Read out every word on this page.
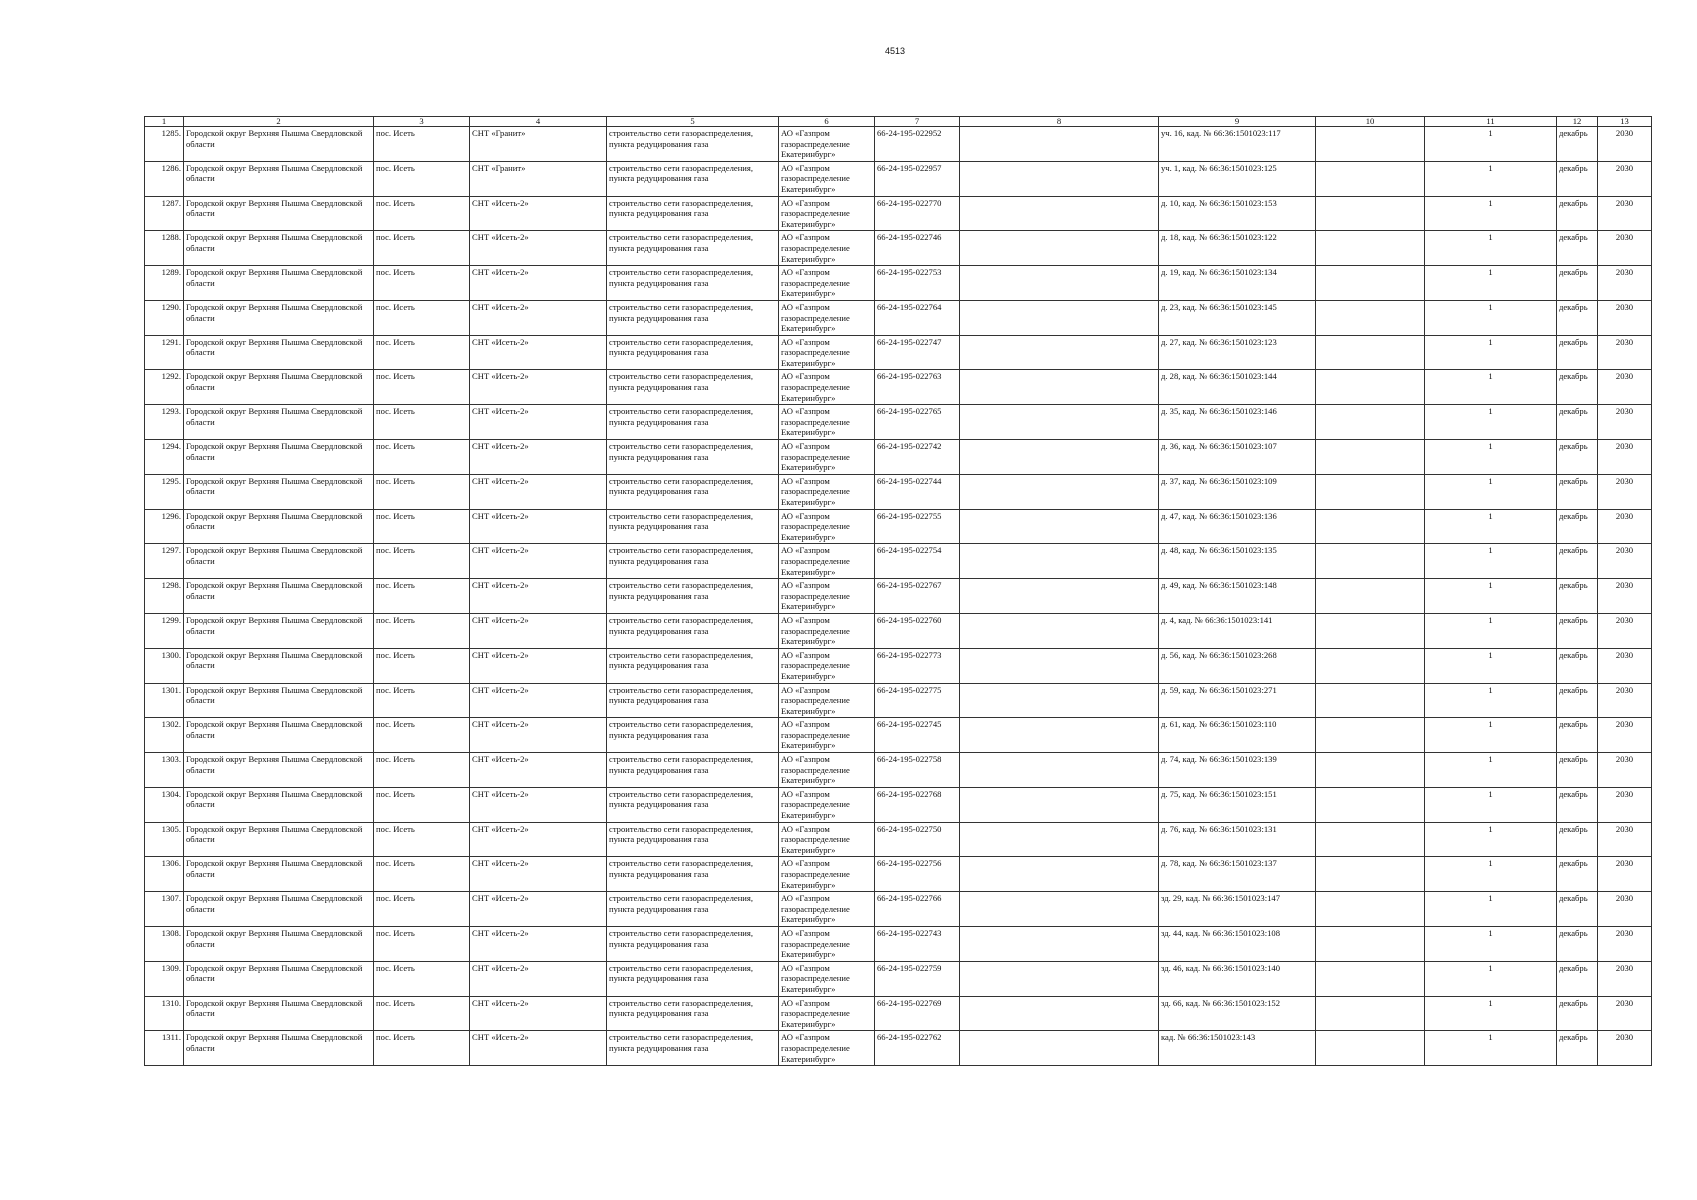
4513
1	2	3	4	5	6	7	8	9	10	11	12	13
1285.	Городской округ Верхняя Пышма Свердловской области	пос. Исеть	СНТ «Гранит»	строительство сети газораспределения, пункта редуцирования газа	АО «Газпром газораспределение Екатеринбург»	66-24-195-022952		уч. 16, кад. № 66:36:1501023:117		1	декабрь	2030
1286.	Городской округ Верхняя Пышма Свердловской области	пос. Исеть	СНТ «Гранит»	строительство сети газораспределения, пункта редуцирования газа	АО «Газпром газораспределение Екатеринбург»	66-24-195-022957		уч. 1, кад. № 66:36:1501023:125		1	декабрь	2030
1287.	Городской округ Верхняя Пышма Свердловской области	пос. Исеть	СНТ «Исеть-2»	строительство сети газораспределения, пункта редуцирования газа	АО «Газпром газораспределение Екатеринбург»	66-24-195-022770		д. 10, кад. № 66:36:1501023:153		1	декабрь	2030
1288.	Городской округ Верхняя Пышма Свердловской области	пос. Исеть	СНТ «Исеть-2»	строительство сети газораспределения, пункта редуцирования газа	АО «Газпром газораспределение Екатеринбург»	66-24-195-022746		д. 18, кад. № 66:36:1501023:122		1	декабрь	2030
1289.	Городской округ Верхняя Пышма Свердловской области	пос. Исеть	СНТ «Исеть-2»	строительство сети газораспределения, пункта редуцирования газа	АО «Газпром газораспределение Екатеринбург»	66-24-195-022753		д. 19, кад. № 66:36:1501023:134		1	декабрь	2030
1290.	Городской округ Верхняя Пышма Свердловской области	пос. Исеть	СНТ «Исеть-2»	строительство сети газораспределения, пункта редуцирования газа	АО «Газпром газораспределение Екатеринбург»	66-24-195-022764		д. 23, кад. № 66:36:1501023:145		1	декабрь	2030
1291.	Городской округ Верхняя Пышма Свердловской области	пос. Исеть	СНТ «Исеть-2»	строительство сети газораспределения, пункта редуцирования газа	АО «Газпром газораспределение Екатеринбург»	66-24-195-022747		д. 27, кад. № 66:36:1501023:123		1	декабрь	2030
1292.	Городской округ Верхняя Пышма Свердловской области	пос. Исеть	СНТ «Исеть-2»	строительство сети газораспределения, пункта редуцирования газа	АО «Газпром газораспределение Екатеринбург»	66-24-195-022763		д. 28, кад. № 66:36:1501023:144		1	декабрь	2030
1293.	Городской округ Верхняя Пышма Свердловской области	пос. Исеть	СНТ «Исеть-2»	строительство сети газораспределения, пункта редуцирования газа	АО «Газпром газораспределение Екатеринбург»	66-24-195-022765		д. 35, кад. № 66:36:1501023:146		1	декабрь	2030
1294.	Городской округ Верхняя Пышма Свердловской области	пос. Исеть	СНТ «Исеть-2»	строительство сети газораспределения, пункта редуцирования газа	АО «Газпром газораспределение Екатеринбург»	66-24-195-022742		д. 36, кад. № 66:36:1501023:107		1	декабрь	2030
1295.	Городской округ Верхняя Пышма Свердловской области	пос. Исеть	СНТ «Исеть-2»	строительство сети газораспределения, пункта редуцирования газа	АО «Газпром газораспределение Екатеринбург»	66-24-195-022744		д. 37, кад. № 66:36:1501023:109		1	декабрь	2030
1296.	Городской округ Верхняя Пышма Свердловской области	пос. Исеть	СНТ «Исеть-2»	строительство сети газораспределения, пункта редуцирования газа	АО «Газпром газораспределение Екатеринбург»	66-24-195-022755		д. 47, кад. № 66:36:1501023:136		1	декабрь	2030
1297.	Городской округ Верхняя Пышма Свердловской области	пос. Исеть	СНТ «Исеть-2»	строительство сети газораспределения, пункта редуцирования газа	АО «Газпром газораспределение Екатеринбург»	66-24-195-022754		д. 48, кад. № 66:36:1501023:135		1	декабрь	2030
1298.	Городской округ Верхняя Пышма Свердловской области	пос. Исеть	СНТ «Исеть-2»	строительство сети газораспределения, пункта редуцирования газа	АО «Газпром газораспределение Екатеринбург»	66-24-195-022767		д. 49, кад. № 66:36:1501023:148		1	декабрь	2030
1299.	Городской округ Верхняя Пышма Свердловской области	пос. Исеть	СНТ «Исеть-2»	строительство сети газораспределения, пункта редуцирования газа	АО «Газпром газораспределение Екатеринбург»	66-24-195-022760		д. 4, кад. № 66:36:1501023:141		1	декабрь	2030
1300.	Городской округ Верхняя Пышма Свердловской области	пос. Исеть	СНТ «Исеть-2»	строительство сети газораспределения, пункта редуцирования газа	АО «Газпром газораспределение Екатеринбург»	66-24-195-022773		д. 56, кад. № 66:36:1501023:268		1	декабрь	2030
1301.	Городской округ Верхняя Пышма Свердловской области	пос. Исеть	СНТ «Исеть-2»	строительство сети газораспределения, пункта редуцирования газа	АО «Газпром газораспределение Екатеринбург»	66-24-195-022775		д. 59, кад. № 66:36:1501023:271		1	декабрь	2030
1302.	Городской округ Верхняя Пышма Свердловской области	пос. Исеть	СНТ «Исеть-2»	строительство сети газораспределения, пункта редуцирования газа	АО «Газпром газораспределение Екатеринбург»	66-24-195-022745		д. 61, кад. № 66:36:1501023:110		1	декабрь	2030
1303.	Городской округ Верхняя Пышма Свердловской области	пос. Исеть	СНТ «Исеть-2»	строительство сети газораспределения, пункта редуцирования газа	АО «Газпром газораспределение Екатеринбург»	66-24-195-022758		д. 74, кад. № 66:36:1501023:139		1	декабрь	2030
1304.	Городской округ Верхняя Пышма Свердловской области	пос. Исеть	СНТ «Исеть-2»	строительство сети газораспределения, пункта редуцирования газа	АО «Газпром газораспределение Екатеринбург»	66-24-195-022768		д. 75, кад. № 66:36:1501023:151		1	декабрь	2030
1305.	Городской округ Верхняя Пышма Свердловской области	пос. Исеть	СНТ «Исеть-2»	строительство сети газораспределения, пункта редуцирования газа	АО «Газпром газораспределение Екатеринбург»	66-24-195-022750		д. 76, кад. № 66:36:1501023:131		1	декабрь	2030
1306.	Городской округ Верхняя Пышма Свердловской области	пос. Исеть	СНТ «Исеть-2»	строительство сети газораспределения, пункта редуцирования газа	АО «Газпром газораспределение Екатеринбург»	66-24-195-022756		д. 78, кад. № 66:36:1501023:137		1	декабрь	2030
1307.	Городской округ Верхняя Пышма Свердловской области	пос. Исеть	СНТ «Исеть-2»	строительство сети газораспределения, пункта редуцирования газа	АО «Газпром газораспределение Екатеринбург»	66-24-195-022766		зд. 29, кад. № 66:36:1501023:147		1	декабрь	2030
1308.	Городской округ Верхняя Пышма Свердловской области	пос. Исеть	СНТ «Исеть-2»	строительство сети газораспределения, пункта редуцирования газа	АО «Газпром газораспределение Екатеринбург»	66-24-195-022743		зд. 44, кад. № 66:36:1501023:108		1	декабрь	2030
1309.	Городской округ Верхняя Пышма Свердловской области	пос. Исеть	СНТ «Исеть-2»	строительство сети газораспределения, пункта редуцирования газа	АО «Газпром газораспределение Екатеринбург»	66-24-195-022759		зд. 46, кад. № 66:36:1501023:140		1	декабрь	2030
1310.	Городской округ Верхняя Пышма Свердловской области	пос. Исеть	СНТ «Исеть-2»	строительство сети газораспределения, пункта редуцирования газа	АО «Газпром газораспределение Екатеринбург»	66-24-195-022769		зд. 66, кад. № 66:36:1501023:152		1	декабрь	2030
1311.	Городской округ Верхняя Пышма Свердловской области	пос. Исеть	СНТ «Исеть-2»	строительство сети газораспределения, пункта редуцирования газа	АО «Газпром газораспределение Екатеринбург»	66-24-195-022762		кад. № 66:36:1501023:143		1	декабрь	2030
